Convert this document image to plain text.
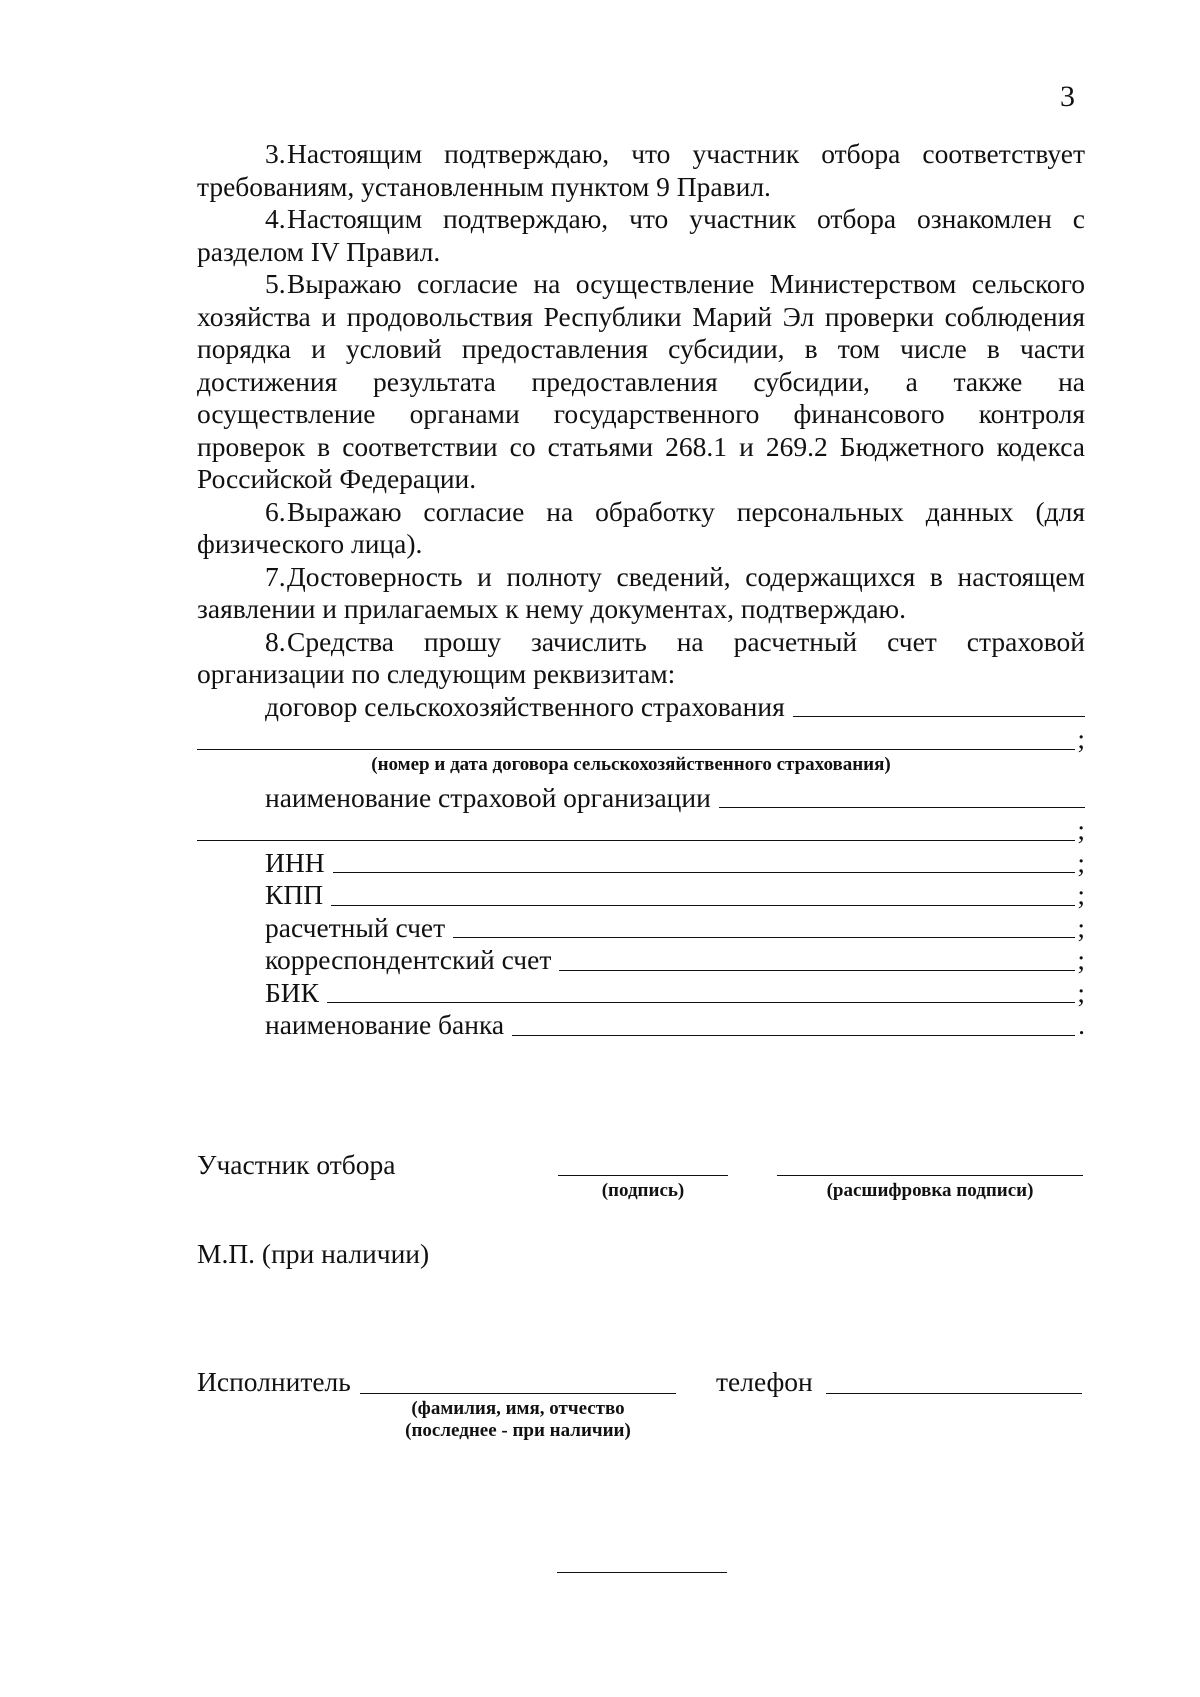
3

3.Настоящим подтверждаю, что участник отбора соответствует требованиям, установленным пунктом 9 Правил.

4.Настоящим подтверждаю, что участник отбора ознакомлен с разделом IV Правил.

5.Выражаю согласие на осуществление Министерством сельского хозяйства и продовольствия Республики Марий Эл проверки соблюдения порядка и условий предоставления субсидии, в том числе в части достижения результата предоставления субсидии, а также на осуществление органами государственного финансового контроля проверок в соответствии со статьями 268.1 и 269.2 Бюджетного кодекса Российской Федерации.

6.Выражаю согласие на обработку персональных данных (для физического лица).

7.Достоверность и полноту сведений, содержащихся в настоящем заявлении и прилагаемых к нему документах, подтверждаю.

8.Средства прошу зачислить на расчетный счет страховой организации по следующим реквизитам:

договор сельскохозяйственного страхования
;
(номер и дата договора сельскохозяйственного страхования)
наименование страховой организации
;
ИНН	;
КПП	;
расчетный счет	;
корреспондентский счет	;
БИК	;
наименование банка	.
Участник отбора
(подпись)	(расшифровка подписи)
М.П. (при наличии)
Исполнитель
(фамилия, имя, отчество
(последнее - при наличии)
телефон
